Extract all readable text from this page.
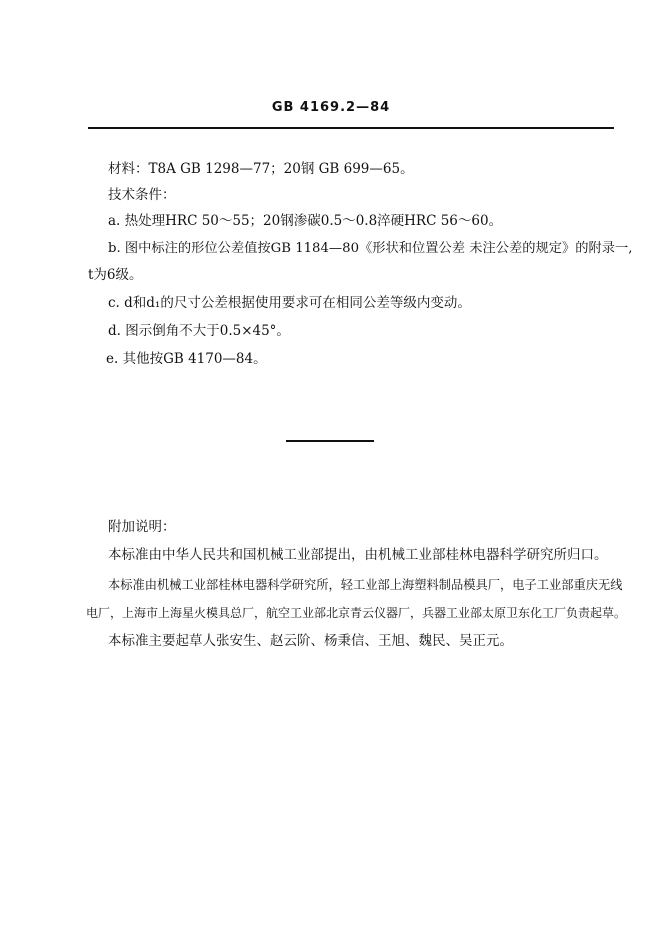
GB 4169.2—84
材料：T8A GB 1298—77；20钢 GB 699—65。
技术条件：
a. 热处理HRC 50～55；20钢渗碳0.5～0.8淬硬HRC 56～60。
b. 图中标注的形位公差值按GB 1184—80《形状和位置公差 未注公差的规定》的附录一,
t为6级。
c. d和d₁的尺寸公差根据使用要求可在相同公差等级内变动。
d. 图示倒角不大于0.5×45°。
e. 其他按GB 4170—84。
附加说明：
本标准由中华人民共和国机械工业部提出，由机械工业部桂林电器科学研究所归口。
本标准由机械工业部桂林电器科学研究所，轻工业部上海塑料制品模具厂，电子工业部重庆无线
电厂，上海市上海星火模具总厂，航空工业部北京青云仪器厂，兵器工业部太原卫东化工厂负责起草。
本标准主要起草人张安生、赵云阶、杨秉信、王旭、魏民、吴正元。
